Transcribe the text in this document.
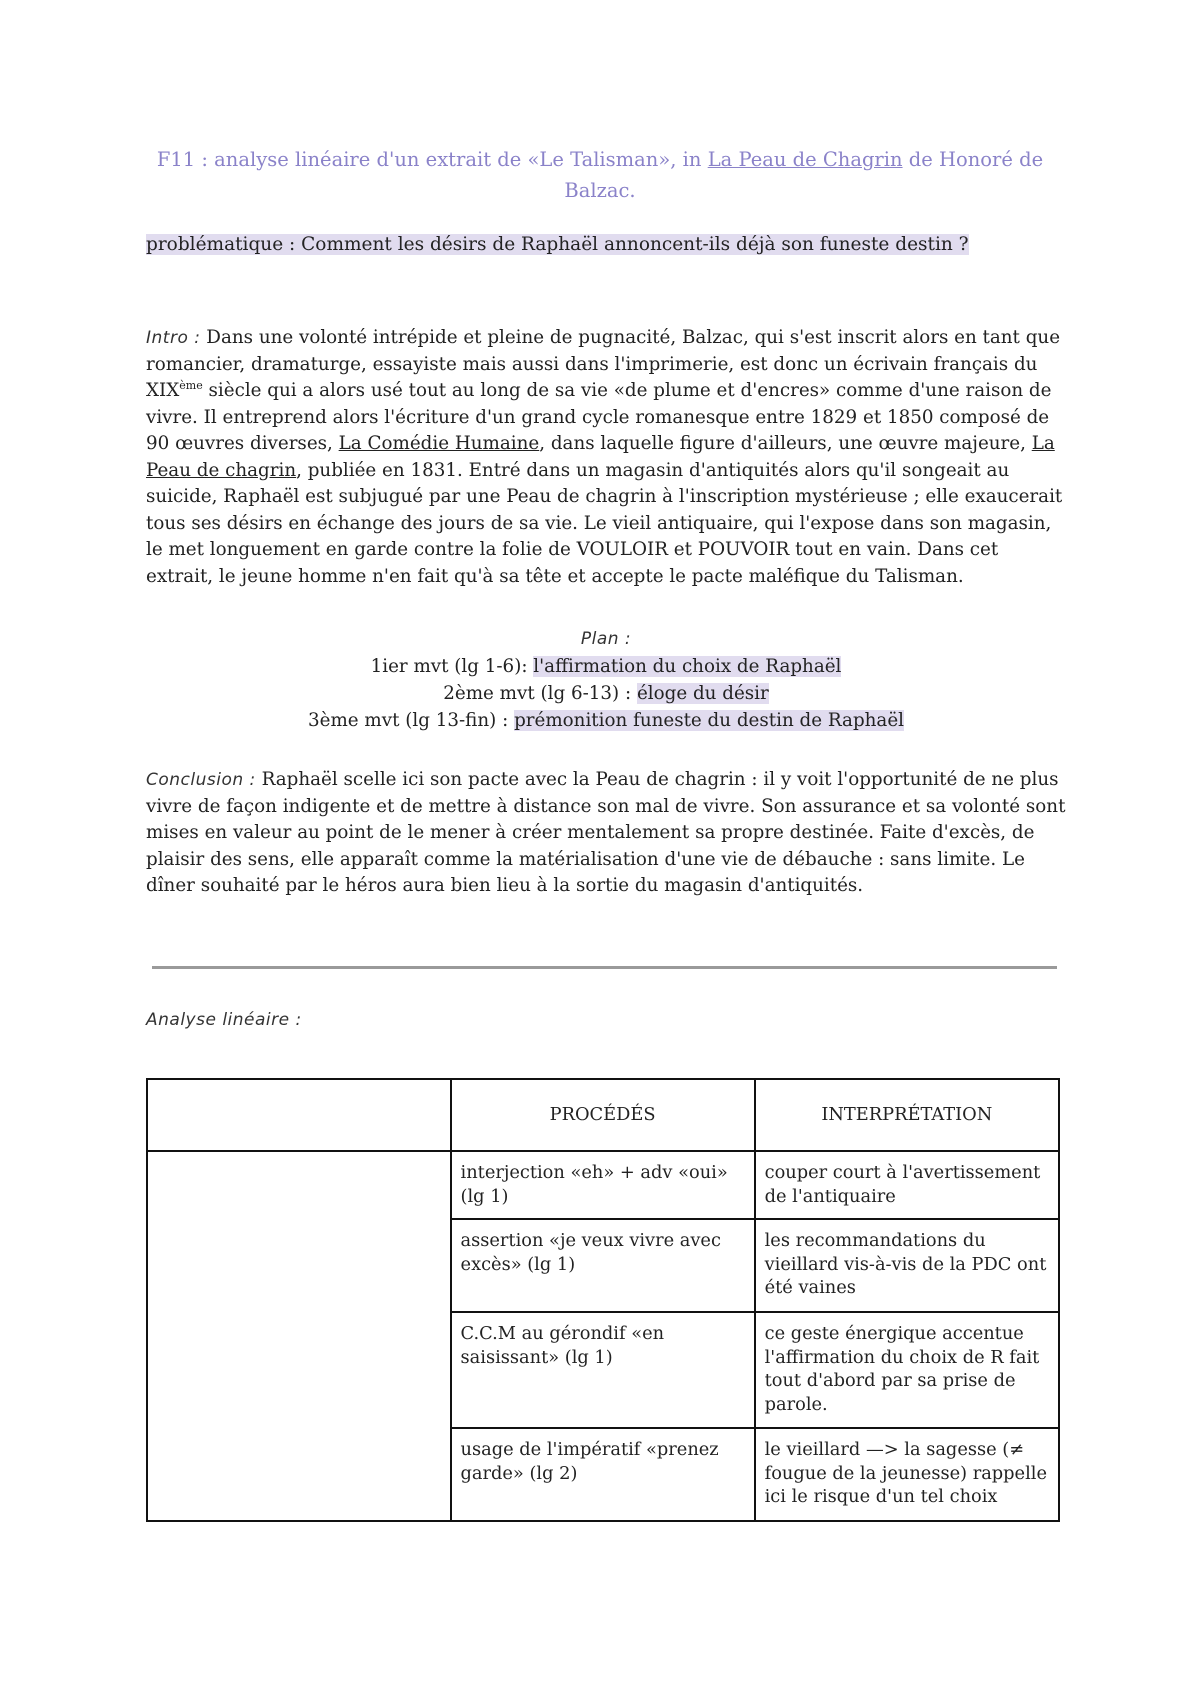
F11 : analyse linéaire d'un extrait de «Le Talisman», in La Peau de Chagrin de Honoré de Balzac.
problématique : Comment les désirs de Raphaël annoncent-ils déjà son funeste destin ?

Intro : Dans une volonté intrépide et pleine de pugnacité, Balzac, qui s'est inscrit alors en tant que romancier, dramaturge, essayiste mais aussi dans l'imprimerie, est donc un écrivain français du XIXème siècle qui a alors usé tout au long de sa vie «de plume et d'encres» comme d'une raison de vivre. Il entreprend alors l'écriture d'un grand cycle romanesque entre 1829 et 1850 composé de 90 œuvres diverses, La Comédie Humaine, dans laquelle figure d'ailleurs, une œuvre majeure, La Peau de chagrin, publiée en 1831. Entré dans un magasin d'antiquités alors qu'il songeait au suicide, Raphaël est subjugué par une Peau de chagrin à l'inscription mystérieuse ; elle exaucerait tous ses désirs en échange des jours de sa vie. Le vieil antiquaire, qui l'expose dans son magasin, le met longuement en garde contre la folie de VOULOIR et POUVOIR tout en vain. Dans cet extrait, le jeune homme n'en fait qu'à sa tête et accepte le pacte maléfique du Talisman.

Plan :
1ier mvt (lg 1-6): l'affirmation du choix de Raphaël
2ème mvt (lg 6-13) : éloge du désir
3ème mvt (lg 13-fin) : prémonition funeste du destin de Raphaël
Conclusion : Raphaël scelle ici son pacte avec la Peau de chagrin : il y voit l'opportunité de ne plus vivre de façon indigente et de mettre à distance son mal de vivre. Son assurance et sa volonté sont mises en valeur au point de le mener à créer mentalement sa propre destinée. Faite d'excès, de plaisir des sens, elle apparaît comme la matérialisation d'une vie de débauche : sans limite. Le dîner souhaité par le héros aura bien lieu à la sortie du magasin d'antiquités.
Analyse linéaire :
	PROCÉDÉS	INTERPRÉTATION
	interjection «eh» + adv «oui» (lg 1)	couper court à l'avertissement de l'antiquaire
	assertion «je veux vivre avec excès» (lg 1)	les recommandations du vieillard vis-à-vis de la PDC ont été vaines
	C.C.M au gérondif «en saisissant» (lg 1)	ce geste énergique accentue l'affirmation du choix de R fait tout d'abord par sa prise de parole.
	usage de l'impératif «prenez garde» (lg 2)	le vieillard —> la sagesse (≠ fougue de la jeunesse) rappelle ici le risque d'un tel choix
